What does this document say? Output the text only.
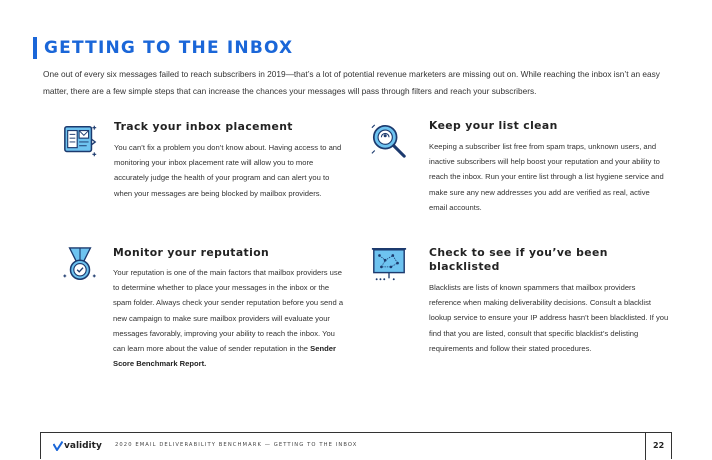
GETTING TO THE INBOX

One out of every six messages failed to reach subscribers in 2019—that’s a lot of potential revenue marketers are missing out on. While reaching the inbox isn’t an easy matter, there are a few simple steps that can increase the chances your messages will pass through filters and reach your subscribers.

Track your inbox placement

You can’t fix a problem you don’t know about. Having access to and monitoring your inbox placement rate will allow you to more accurately judge the health of your program and can alert you to when your messages are being blocked by mailbox providers.

Keep your list clean

Keeping a subscriber list free from spam traps, unknown users, and inactive subscribers will help boost your reputation and your ability to reach the inbox. Run your entire list through a list hygiene service and make sure any new addresses you add are verified as real, active email accounts.

Monitor your reputation

Your reputation is one of the main factors that mailbox providers use to determine whether to place your messages in the inbox or the spam folder. Always check your sender reputation before you send a new campaign to make sure mailbox providers will evaluate your messages favorably, improving your ability to reach the inbox. You can learn more about the value of sender reputation in the Sender Score Benchmark Report.

Check to see if you’ve been blacklisted

Blacklists are lists of known spammers that mailbox providers reference when making deliverability decisions. Consult a blacklist lookup service to ensure your IP address hasn’t been blacklisted. If you find that you are listed, consult that specific blacklist’s delisting requirements and follow their stated procedures.

validity	2020 EMAIL DELIVERABILITY BENCHMARK — GETTING TO THE INBOX	22
